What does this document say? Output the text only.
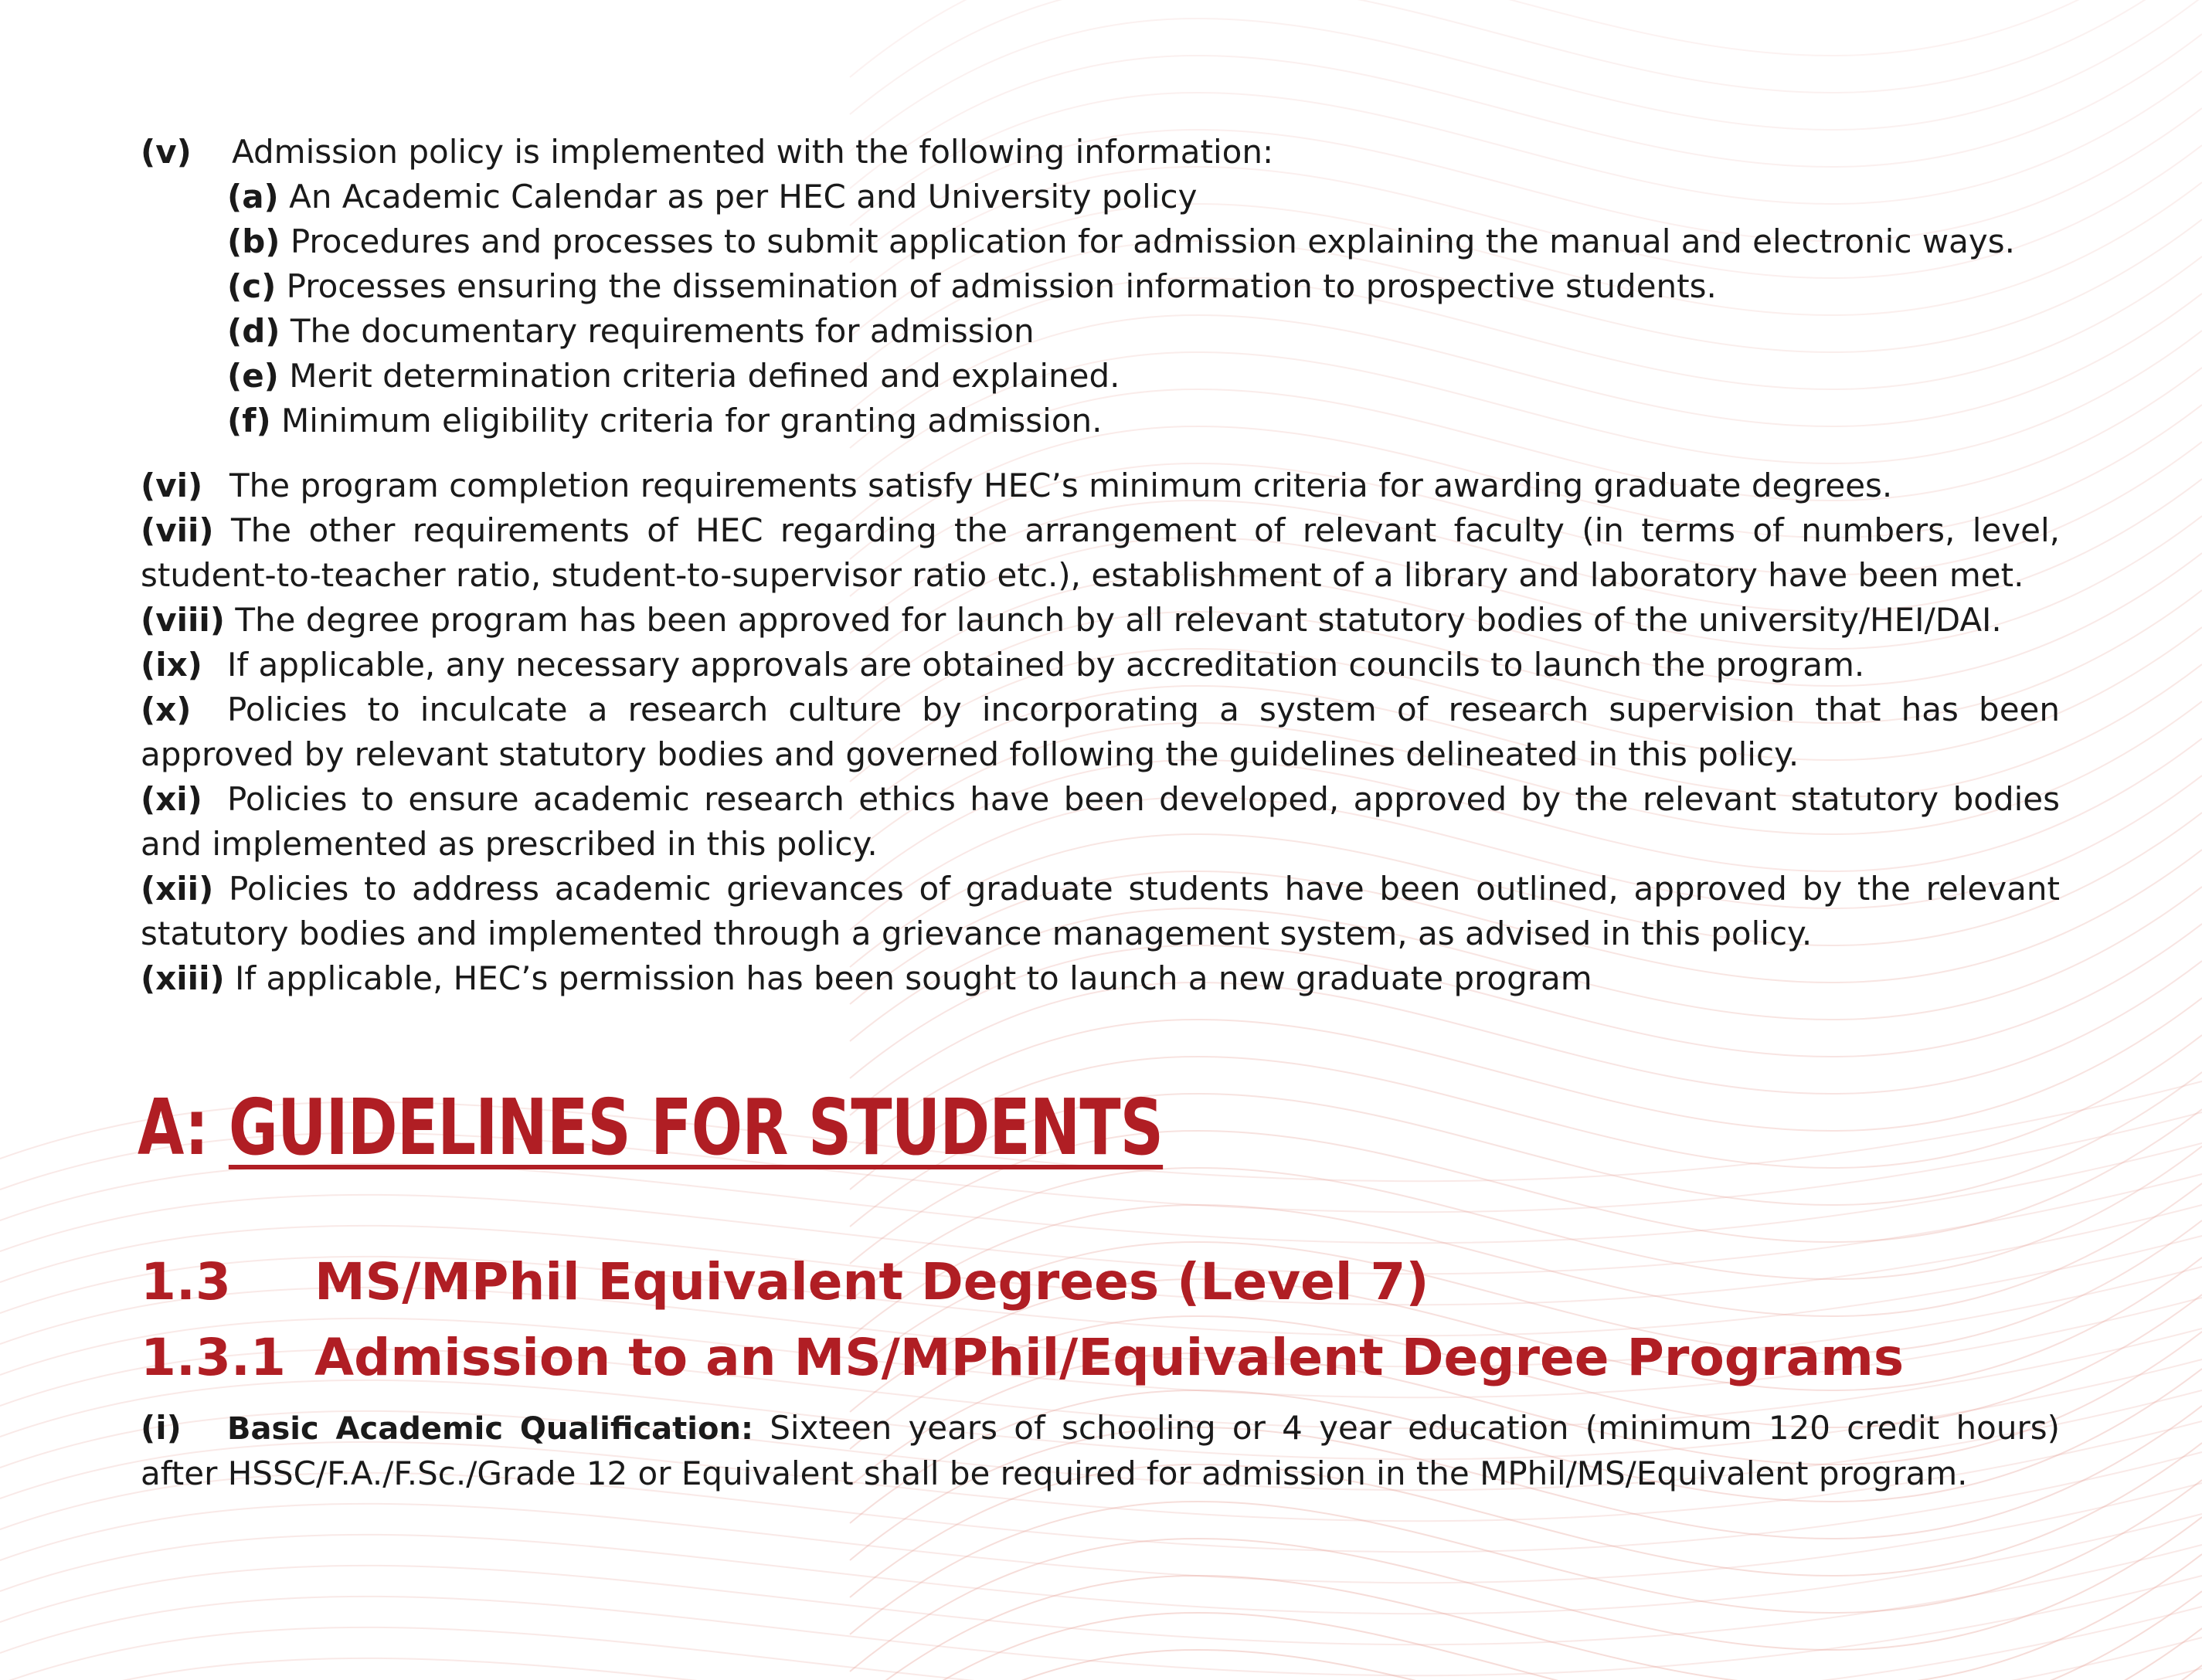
(v) Admission policy is implemented with the following information:
(a) An Academic Calendar as per HEC and University policy
(b) Procedures and processes to submit application for admission explaining the manual and electronic ways.
(c) Processes ensuring the dissemination of admission information to prospective students.
(d) The documentary requirements for admission
(e) Merit determination criteria defined and explained.
(f) Minimum eligibility criteria for granting admission.
(vi) The program completion requirements satisfy HEC’s minimum criteria for awarding graduate degrees.
(vii) The other requirements of HEC regarding the arrangement of relevant faculty (in terms of numbers, level, student-to-teacher ratio, student-to-supervisor ratio etc.), establishment of a library and laboratory have been met.
(viii) The degree program has been approved for launch by all relevant statutory bodies of the university/HEI/DAI.
(ix) If applicable, any necessary approvals are obtained by accreditation councils to launch the program.
(x) Policies to inculcate a research culture by incorporating a system of research supervision that has been approved by relevant statutory bodies and governed following the guidelines delineated in this policy.
(xi) Policies to ensure academic research ethics have been developed, approved by the relevant statutory bodies and implemented as prescribed in this policy.
(xii) Policies to address academic grievances of graduate students have been outlined, approved by the relevant statutory bodies and implemented through a grievance management system, as advised in this policy.
(xiii) If applicable, HEC’s permission has been sought to launch a new graduate program
A: GUIDELINES FOR STUDENTS
1.3 MS/MPhil Equivalent Degrees (Level 7)
1.3.1 Admission to an MS/MPhil/Equivalent Degree Programs
(i) Basic Academic Qualification: Sixteen years of schooling or 4 year education (minimum 120 credit hours) after HSSC/F.A./F.Sc./Grade 12 or Equivalent shall be required for admission in the MPhil/MS/Equivalent program.
